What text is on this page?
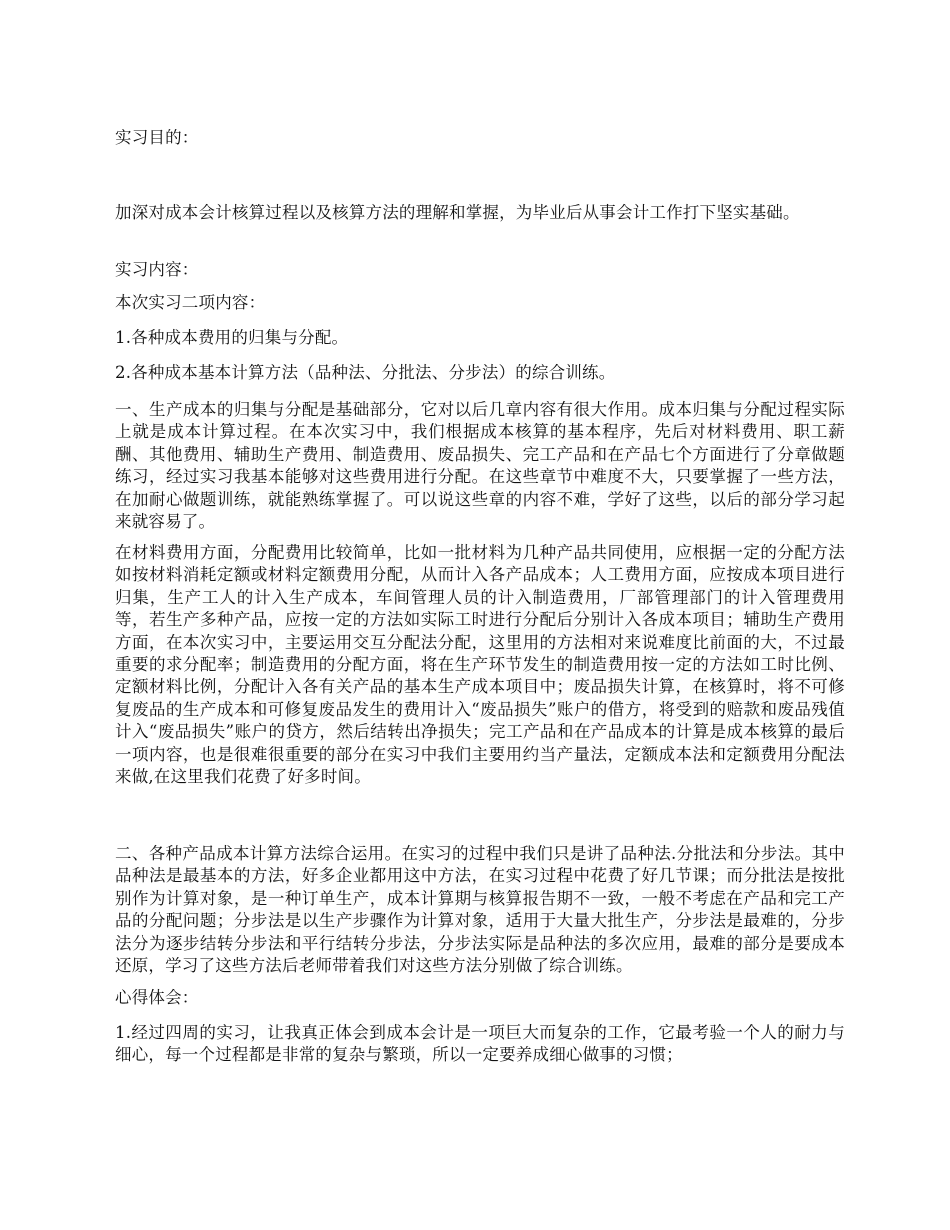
实习目的：

加深对成本会计核算过程以及核算方法的理解和掌握，为毕业后从事会计工作打下坚实基础。

实习内容：

本次实习二项内容：

1.各种成本费用的归集与分配。

2.各种成本基本计算方法（品种法、分批法、分步法）的综合训练。

一、生产成本的归集与分配是基础部分，它对以后几章内容有很大作用。成本归集与分配过程实际上就是成本计算过程。在本次实习中，我们根据成本核算的基本程序，先后对材料费用、职工薪酬、其他费用、辅助生产费用、制造费用、废品损失、完工产品和在产品七个方面进行了分章做题练习，经过实习我基本能够对这些费用进行分配。在这些章节中难度不大，只要掌握了一些方法，在加耐心做题训练，就能熟练掌握了。可以说这些章的内容不难，学好了这些，以后的部分学习起来就容易了。

在材料费用方面，分配费用比较简单，比如一批材料为几种产品共同使用，应根据一定的分配方法如按材料消耗定额或材料定额费用分配，从而计入各产品成本；人工费用方面，应按成本项目进行归集，生产工人的计入生产成本，车间管理人员的计入制造费用，厂部管理部门的计入管理费用等，若生产多种产品，应按一定的方法如实际工时进行分配后分别计入各成本项目；辅助生产费用方面，在本次实习中，主要运用交互分配法分配，这里用的方法相对来说难度比前面的大，不过最重要的求分配率；制造费用的分配方面，将在生产环节发生的制造费用按一定的方法如工时比例、定额材料比例，分配计入各有关产品的基本生产成本项目中；废品损失计算，在核算时，将不可修复废品的生产成本和可修复废品发生的费用计入“废品损失”账户的借方，将受到的赔款和废品残值计入“废品损失”账户的贷方，然后结转出净损失；完工产品和在产品成本的计算是成本核算的最后一项内容，也是很难很重要的部分在实习中我们主要用约当产量法，定额成本法和定额费用分配法来做,在这里我们花费了好多时间。

二、各种产品成本计算方法综合运用。在实习的过程中我们只是讲了品种法.分批法和分步法。其中品种法是最基本的方法，好多企业都用这中方法，在实习过程中花费了好几节课；而分批法是按批别作为计算对象，是一种订单生产，成本计算期与核算报告期不一致，一般不考虑在产品和完工产品的分配问题；分步法是以生产步骤作为计算对象，适用于大量大批生产，分步法是最难的，分步法分为逐步结转分步法和平行结转分步法，分步法实际是品种法的多次应用，最难的部分是要成本还原，学习了这些方法后老师带着我们对这些方法分别做了综合训练。

心得体会：

1.经过四周的实习，让我真正体会到成本会计是一项巨大而复杂的工作，它最考验一个人的耐力与细心，每一个过程都是非常的复杂与繁琐，所以一定要养成细心做事的习惯；
